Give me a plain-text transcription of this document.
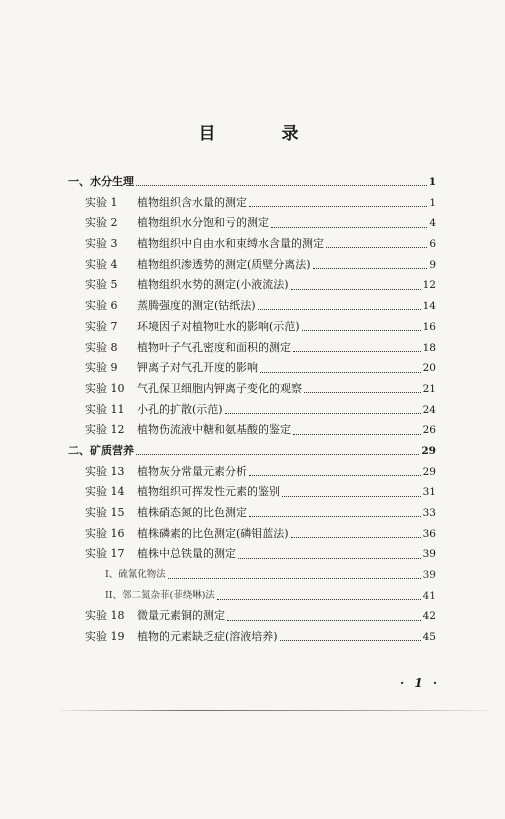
目 录
一、水分生理	1
实验 1	植物组织含水量的测定	1
实验 2	植物组织水分饱和亏的测定	4
实验 3	植物组织中自由水和束缚水含量的测定	6
实验 4	植物组织渗透势的测定(质壁分离法)	9
实验 5	植物组织水势的测定(小液流法)	12
实验 6	蒸腾强度的测定(钴纸法)	14
实验 7	环境因子对植物吐水的影响(示范)	16
实验 8	植物叶子气孔密度和面积的测定	18
实验 9	钾离子对气孔开度的影响	20
实验 10	气孔保卫细胞内钾离子变化的观察	21
实验 11	小孔的扩散(示范)	24
实验 12	植物伤流液中糖和氨基酸的鉴定	26
二、矿质营养	29
实验 13	植物灰分常量元素分析	29
实验 14	植物组织可挥发性元素的鉴别	31
实验 15	植株硝态氮的比色测定	33
实验 16	植株磷素的比色测定(磷钼蓝法)	36
实验 17	植株中总铁量的测定	39
I、 硫氰化物法	39
II、 邻二氮杂菲(菲绕啉)法	41
实验 18	微量元素铜的测定	42
实验 19	植物的元素缺乏症(溶液培养)	45
· 1 ·
